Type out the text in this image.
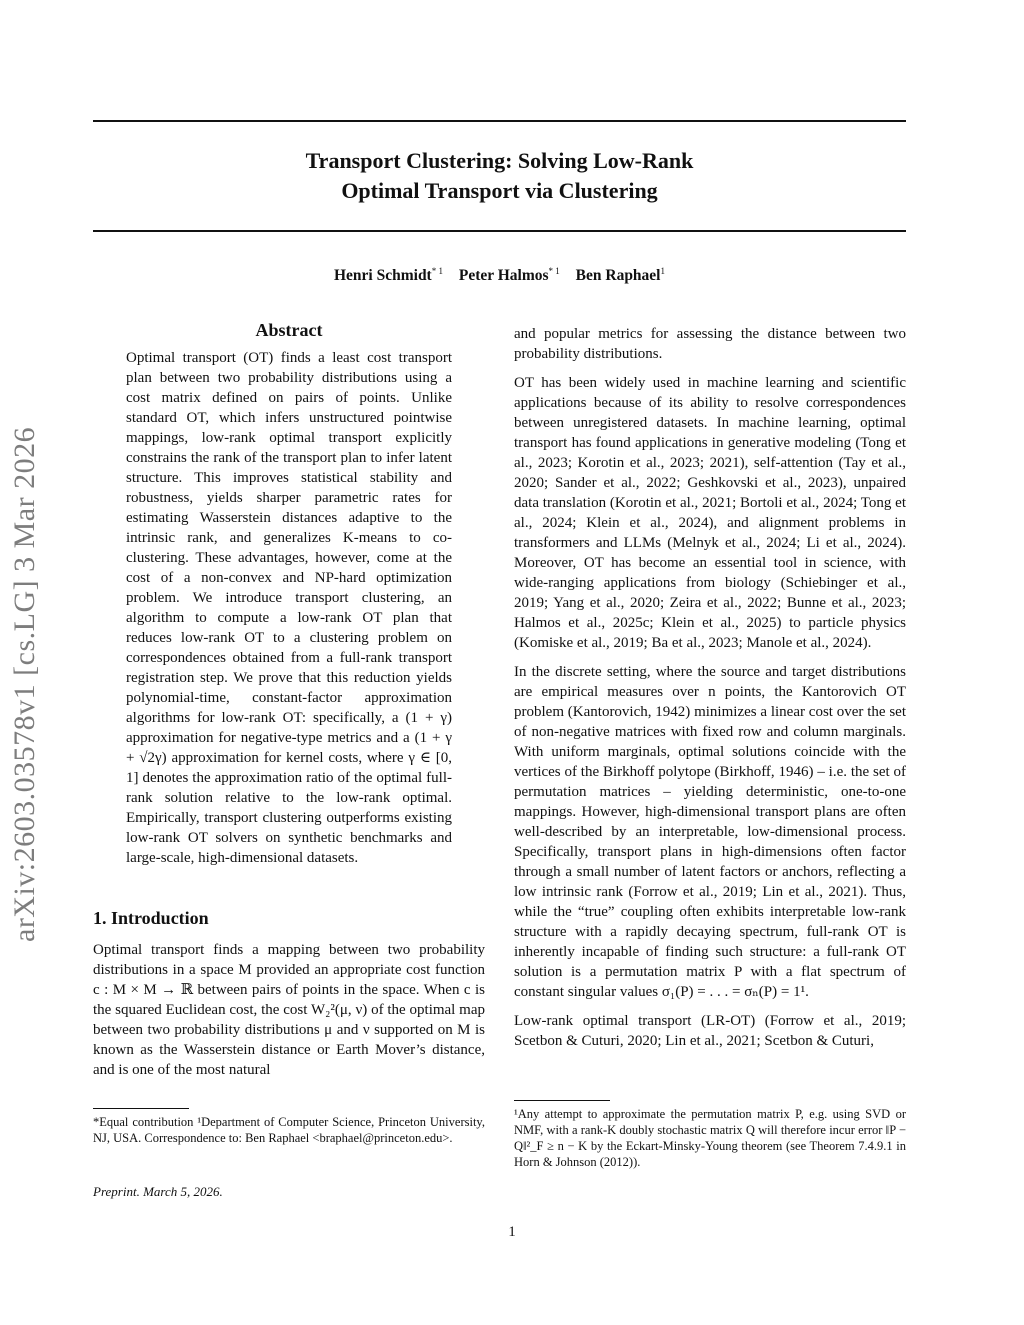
Transport Clustering: Solving Low-Rank
Optimal Transport via Clustering
Henri Schmidt$^{* 1}$ Peter Halmos$^{* 1}$ Ben Raphael$^1$
arXiv:2603.03578v1 [cs.LG] 3 Mar 2026
Abstract

Optimal transport (OT) finds a least cost transport plan between two probability distributions using a cost matrix defined on pairs of points. Unlike standard OT, which infers unstructured pointwise mappings, low-rank optimal transport explicitly constrains the rank of the transport plan to infer latent structure. This improves statistical stability and robustness, yields sharper parametric rates for estimating Wasserstein distances adaptive to the intrinsic rank, and generalizes K-means to co-clustering. These advantages, however, come at the cost of a non-convex and NP-hard optimization problem. We introduce transport clustering, an algorithm to compute a low-rank OT plan that reduces low-rank OT to a clustering problem on correspondences obtained from a full-rank transport registration step. We prove that this reduction yields polynomial-time, constant-factor approximation algorithms for low-rank OT: specifically, a (1 + γ) approximation for negative-type metrics and a (1 + γ + √2γ) approximation for kernel costs, where γ ∈ [0, 1] denotes the approximation ratio of the optimal full-rank solution relative to the low-rank optimal. Empirically, transport clustering outperforms existing low-rank OT solvers on synthetic benchmarks and large-scale, high-dimensional datasets.

1. Introduction

Optimal transport finds a mapping between two probability distributions in a space M provided an appropriate cost function c : M × M → ℝ between pairs of points in the space. When c is the squared Euclidean cost, the cost W₂²(μ, ν) of the optimal map between two probability distributions μ and ν supported on M is known as the Wasserstein distance or Earth Mover’s distance, and is one of the most natural

and popular metrics for assessing the distance between two probability distributions.

OT has been widely used in machine learning and scientific applications because of its ability to resolve correspondences between unregistered datasets. In machine learning, optimal transport has found applications in generative modeling (Tong et al., 2023; Korotin et al., 2023; 2021), self-attention (Tay et al., 2020; Sander et al., 2022; Geshkovski et al., 2023), unpaired data translation (Korotin et al., 2021; Bortoli et al., 2024; Tong et al., 2024; Klein et al., 2024), and alignment problems in transformers and LLMs (Melnyk et al., 2024; Li et al., 2024). Moreover, OT has become an essential tool in science, with wide-ranging applications from biology (Schiebinger et al., 2019; Yang et al., 2020; Zeira et al., 2022; Bunne et al., 2023; Halmos et al., 2025c; Klein et al., 2025) to particle physics (Komiske et al., 2019; Ba et al., 2023; Manole et al., 2024).

In the discrete setting, where the source and target distributions are empirical measures over n points, the Kantorovich OT problem (Kantorovich, 1942) minimizes a linear cost over the set of non-negative matrices with fixed row and column marginals. With uniform marginals, optimal solutions coincide with the vertices of the Birkhoff polytope (Birkhoff, 1946) – i.e. the set of permutation matrices – yielding deterministic, one-to-one mappings. However, high-dimensional transport plans are often well-described by an interpretable, low-dimensional process. Specifically, transport plans in high-dimensions often factor through a small number of latent factors or anchors, reflecting a low intrinsic rank (Forrow et al., 2019; Lin et al., 2021). Thus, while the “true” coupling often exhibits interpretable low-rank structure with a rapidly decaying spectrum, full-rank OT is inherently incapable of finding such structure: a full-rank OT solution is a permutation matrix P with a flat spectrum of constant singular values σ₁(P) = . . . = σₙ(P) = 1¹.

Low-rank optimal transport (LR-OT) (Forrow et al., 2019; Scetbon & Cuturi, 2020; Lin et al., 2021; Scetbon & Cuturi,

*Equal contribution ¹Department of Computer Science, Princeton University, NJ, USA. Correspondence to: Ben Raphael <braphael@princeton.edu>.

¹Any attempt to approximate the permutation matrix P, e.g. using SVD or NMF, with a rank-K doubly stochastic matrix Q will therefore incur error ‖P − Q‖²_F ≥ n − K by the Eckart-Minsky-Young theorem (see Theorem 7.4.9.1 in Horn & Johnson (2012)).

Preprint. March 5, 2026.
1
